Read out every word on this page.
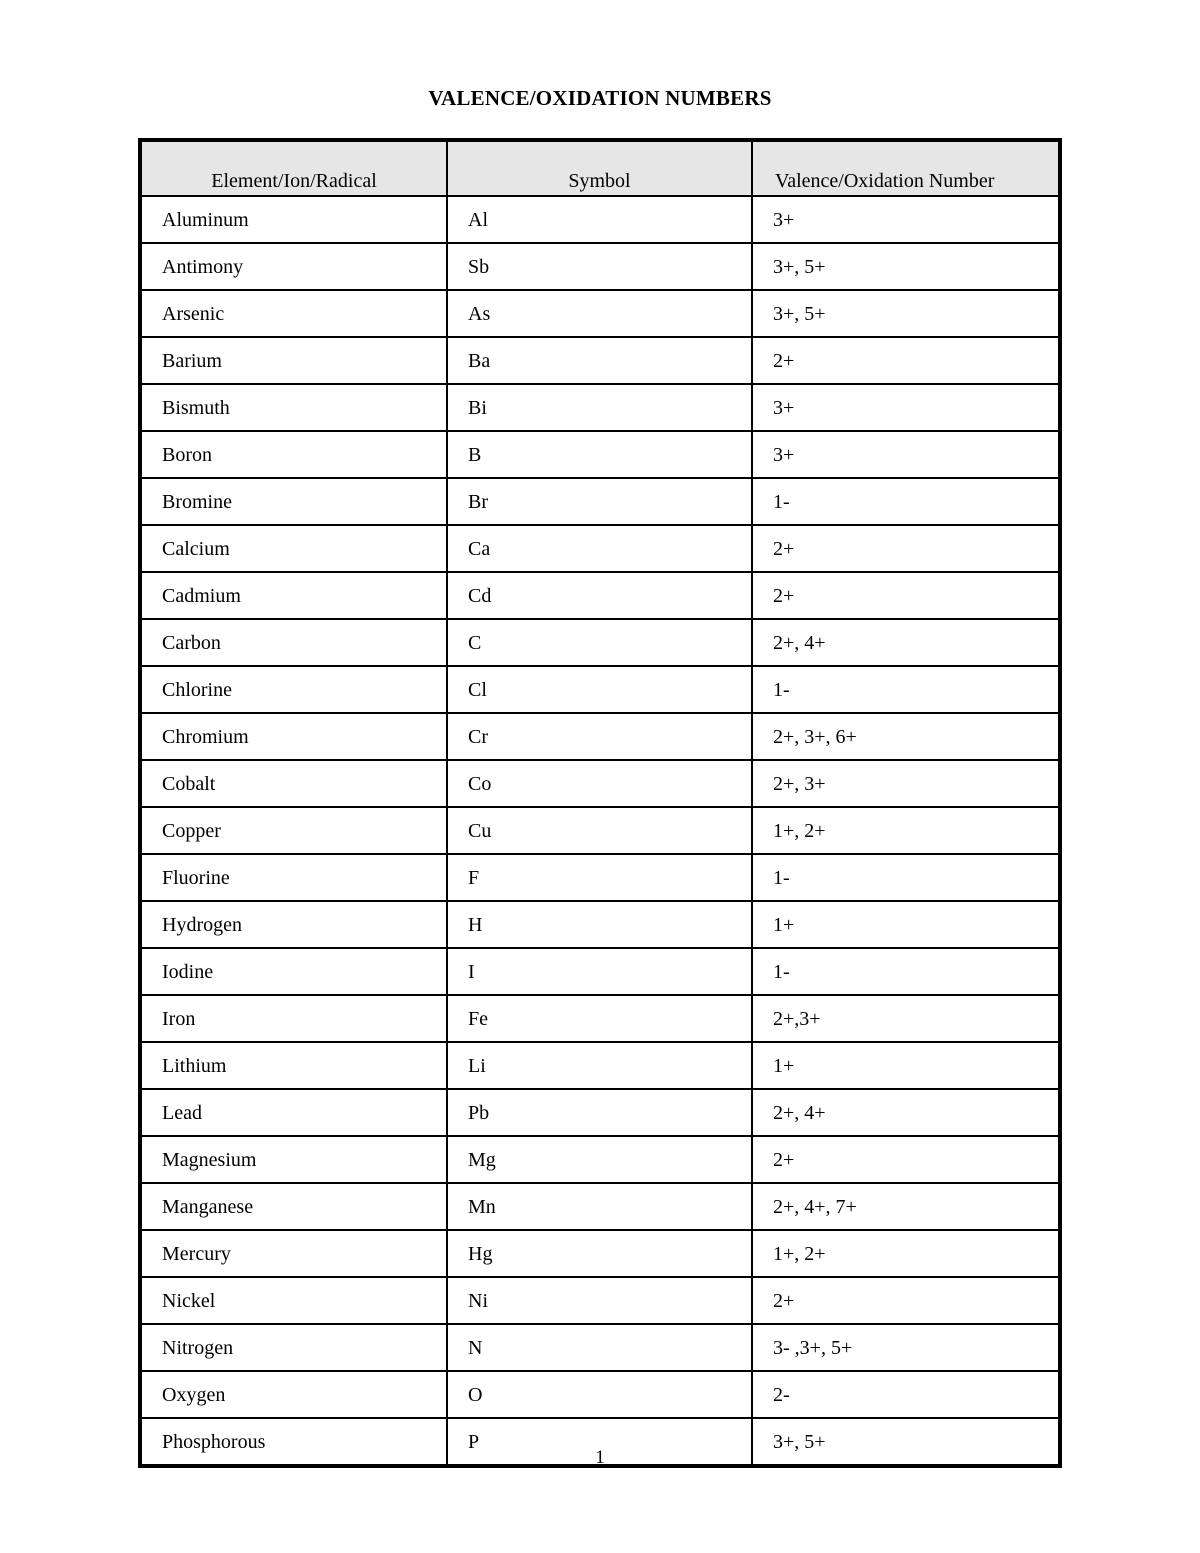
VALENCE/OXIDATION NUMBERS
Element/Ion/Radical	Symbol	Valence/Oxidation Number
Aluminum	Al	3+
Antimony	Sb	3+, 5+
Arsenic	As	3+, 5+
Barium	Ba	2+
Bismuth	Bi	3+
Boron	B	3+
Bromine	Br	1-
Calcium	Ca	2+
Cadmium	Cd	2+
Carbon	C	2+, 4+
Chlorine	Cl	1-
Chromium	Cr	2+, 3+, 6+
Cobalt	Co	2+, 3+
Copper	Cu	1+, 2+
Fluorine	F	1-
Hydrogen	H	1+
Iodine	I	1-
Iron	Fe	2+,3+
Lithium	Li	1+
Lead	Pb	2+, 4+
Magnesium	Mg	2+
Manganese	Mn	2+, 4+, 7+
Mercury	Hg	1+, 2+
Nickel	Ni	2+
Nitrogen	N	3- ,3+, 5+
Oxygen	O	2-
Phosphorous	P	3+, 5+
1
